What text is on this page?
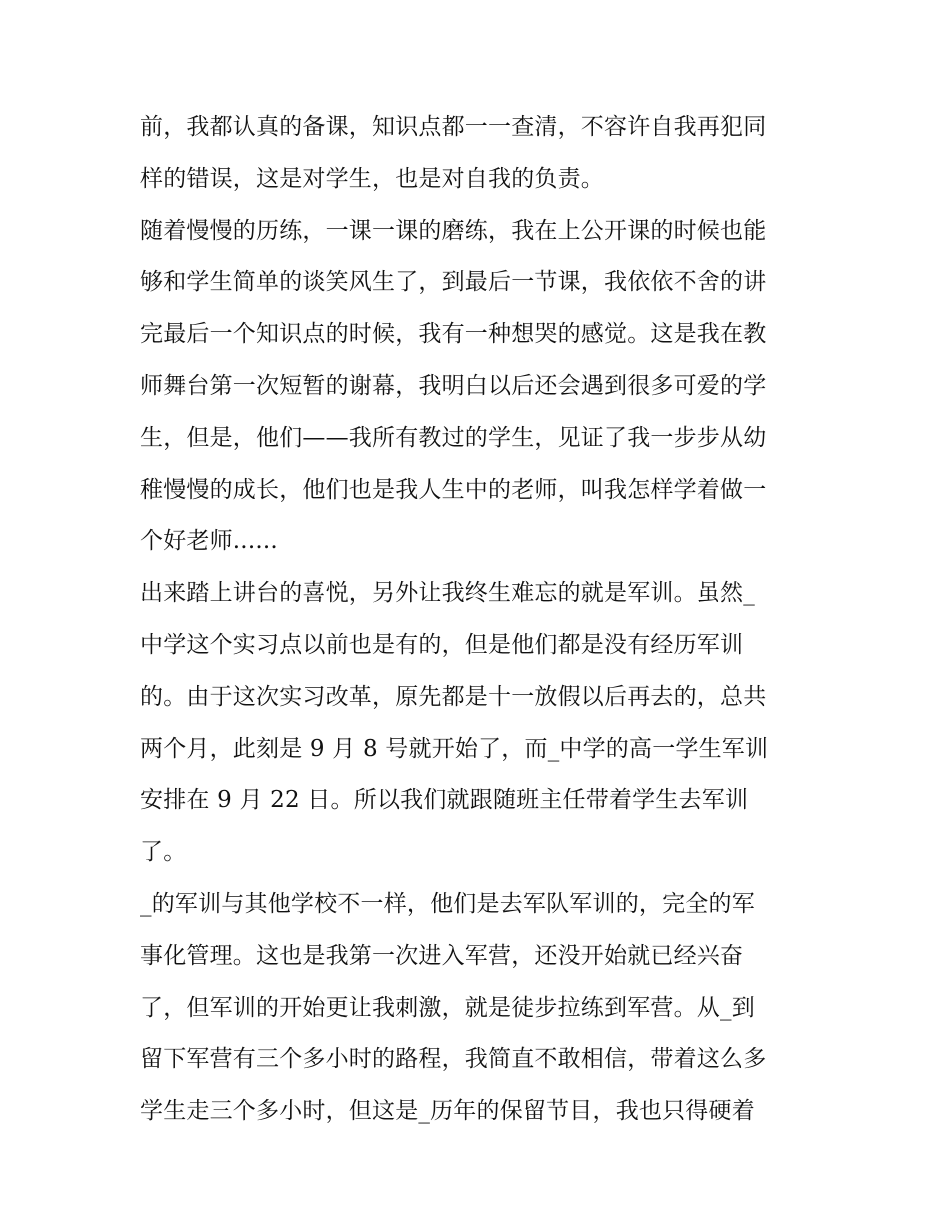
前，我都认真的备课，知识点都一一查清，不容许自我再犯同
样的错误，这是对学生，也是对自我的负责。
随着慢慢的历练，一课一课的磨练，我在上公开课的时候也能
够和学生简单的谈笑风生了，到最后一节课，我依依不舍的讲
完最后一个知识点的时候，我有一种想哭的感觉。这是我在教
师舞台第一次短暂的谢幕，我明白以后还会遇到很多可爱的学
生，但是，他们——我所有教过的学生，见证了我一步步从幼
稚慢慢的成长，他们也是我人生中的老师，叫我怎样学着做一
个好老师......
出来踏上讲台的喜悦，另外让我终生难忘的就是军训。虽然_
中学这个实习点以前也是有的，但是他们都是没有经历军训
的。由于这次实习改革，原先都是十一放假以后再去的，总共
两个月，此刻是 9 月 8 号就开始了，而_中学的高一学生军训
安排在 9 月 22 日。所以我们就跟随班主任带着学生去军训
了。
_的军训与其他学校不一样，他们是去军队军训的，完全的军
事化管理。这也是我第一次进入军营，还没开始就已经兴奋
了，但军训的开始更让我刺激，就是徒步拉练到军营。从_到
留下军营有三个多小时的路程，我简直不敢相信，带着这么多
学生走三个多小时，但这是_历年的保留节目，我也只得硬着
